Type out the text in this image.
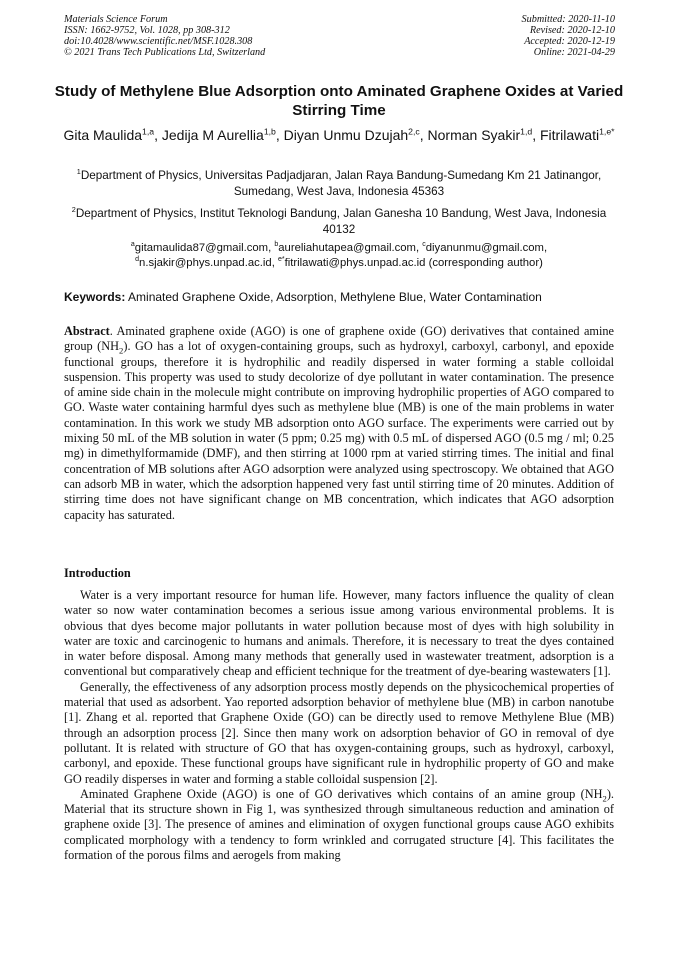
Materials Science Forum
ISSN: 1662-9752, Vol. 1028, pp 308-312
doi:10.4028/www.scientific.net/MSF.1028.308
© 2021 Trans Tech Publications Ltd, Switzerland
Submitted: 2020-11-10
Revised: 2020-12-10
Accepted: 2020-12-19
Online: 2021-04-29
Study of Methylene Blue Adsorption onto Aminated Graphene Oxides at Varied Stirring Time
Gita Maulida$^{1,a}$, Jedija M Aurellia$^{1,b}$, Diyan Unmu Dzujah$^{2,c}$, Norman Syakir$^{1,d}$, Fitrilawati$^{1,e*}$
$^1$Department of Physics, Universitas Padjadjaran, Jalan Raya Bandung-Sumedang Km 21 Jatinangor, Sumedang, West Java, Indonesia 45363
$^2$Department of Physics, Institut Teknologi Bandung, Jalan Ganesha 10 Bandung, West Java, Indonesia 40132
$^a$gitamaulida87@gmail.com, $^b$aureliahutapea@gmail.com, $^c$diyanunmu@gmail.com, $^d$n.sjakir@phys.unpad.ac.id, $^{e*}$fitrilawati@phys.unpad.ac.id (corresponding author)
Keywords: Aminated Graphene Oxide, Adsorption, Methylene Blue, Water Contamination
Abstract. Aminated graphene oxide (AGO) is one of graphene oxide (GO) derivatives that contained amine group $(NH_2)$. GO has a lot of oxygen-containing groups, such as hydroxyl, carboxyl, carbonyl, and epoxide functional groups, therefore it is hydrophilic and readily dispersed in water forming a stable colloidal suspension. This property was used to study decolorize of dye pollutant in water contamination. The presence of amine side chain in the molecule might contribute on improving hydrophilic properties of AGO compared to GO. Waste water containing harmful dyes such as methylene blue (MB) is one of the main problems in water contamination. In this work we study MB adsorption onto AGO surface. The experiments were carried out by mixing 50 mL of the MB solution in water (5 ppm; 0.25 mg) with 0.5 mL of dispersed AGO (0.5 mg / ml; 0.25 mg) in dimethylformamide (DMF), and then stirring at 1000 rpm at varied stirring times. The initial and final concentration of MB solutions after AGO adsorption were analyzed using spectroscopy. We obtained that AGO can adsorb MB in water, which the adsorption happened very fast until stirring time of 20 minutes. Addition of stirring time does not have significant change on MB concentration, which indicates that AGO adsorption capacity has saturated.
Introduction

Water is a very important resource for human life. However, many factors influence the quality of clean water so now water contamination becomes a serious issue among various environmental problems. It is obvious that dyes become major pollutants in water pollution because most of dyes with high solubility in water are toxic and carcinogenic to humans and animals. Therefore, it is necessary to treat the dyes contained in water before disposal. Among many methods that generally used in wastewater treatment, adsorption is a conventional but comparatively cheap and efficient technique for the treatment of dye-bearing wastewaters [1].

Generally, the effectiveness of any adsorption process mostly depends on the physicochemical properties of material that used as adsorbent. Yao reported adsorption behavior of methylene blue (MB) in carbon nanotube [1]. Zhang et al. reported that Graphene Oxide (GO) can be directly used to remove Methylene Blue (MB) through an adsorption process [2]. Since then many work on adsorption behavior of GO in removal of dye pollutant. It is related with structure of GO that has oxygen-containing groups, such as hydroxyl, carboxyl, carbonyl, and epoxide. These functional groups have significant rule in hydrophilic property of GO and make GO readily disperses in water and forming a stable colloidal suspension [2].

Aminated Graphene Oxide (AGO) is one of GO derivatives which contains of an amine group $(NH_2)$. Material that its structure shown in Fig 1, was synthesized through simultaneous reduction and amination of graphene oxide [3]. The presence of amines and elimination of oxygen functional groups cause AGO exhibits complicated morphology with a tendency to form wrinkled and corrugated structure [4]. This facilitates the formation of the porous films and aerogels from making
